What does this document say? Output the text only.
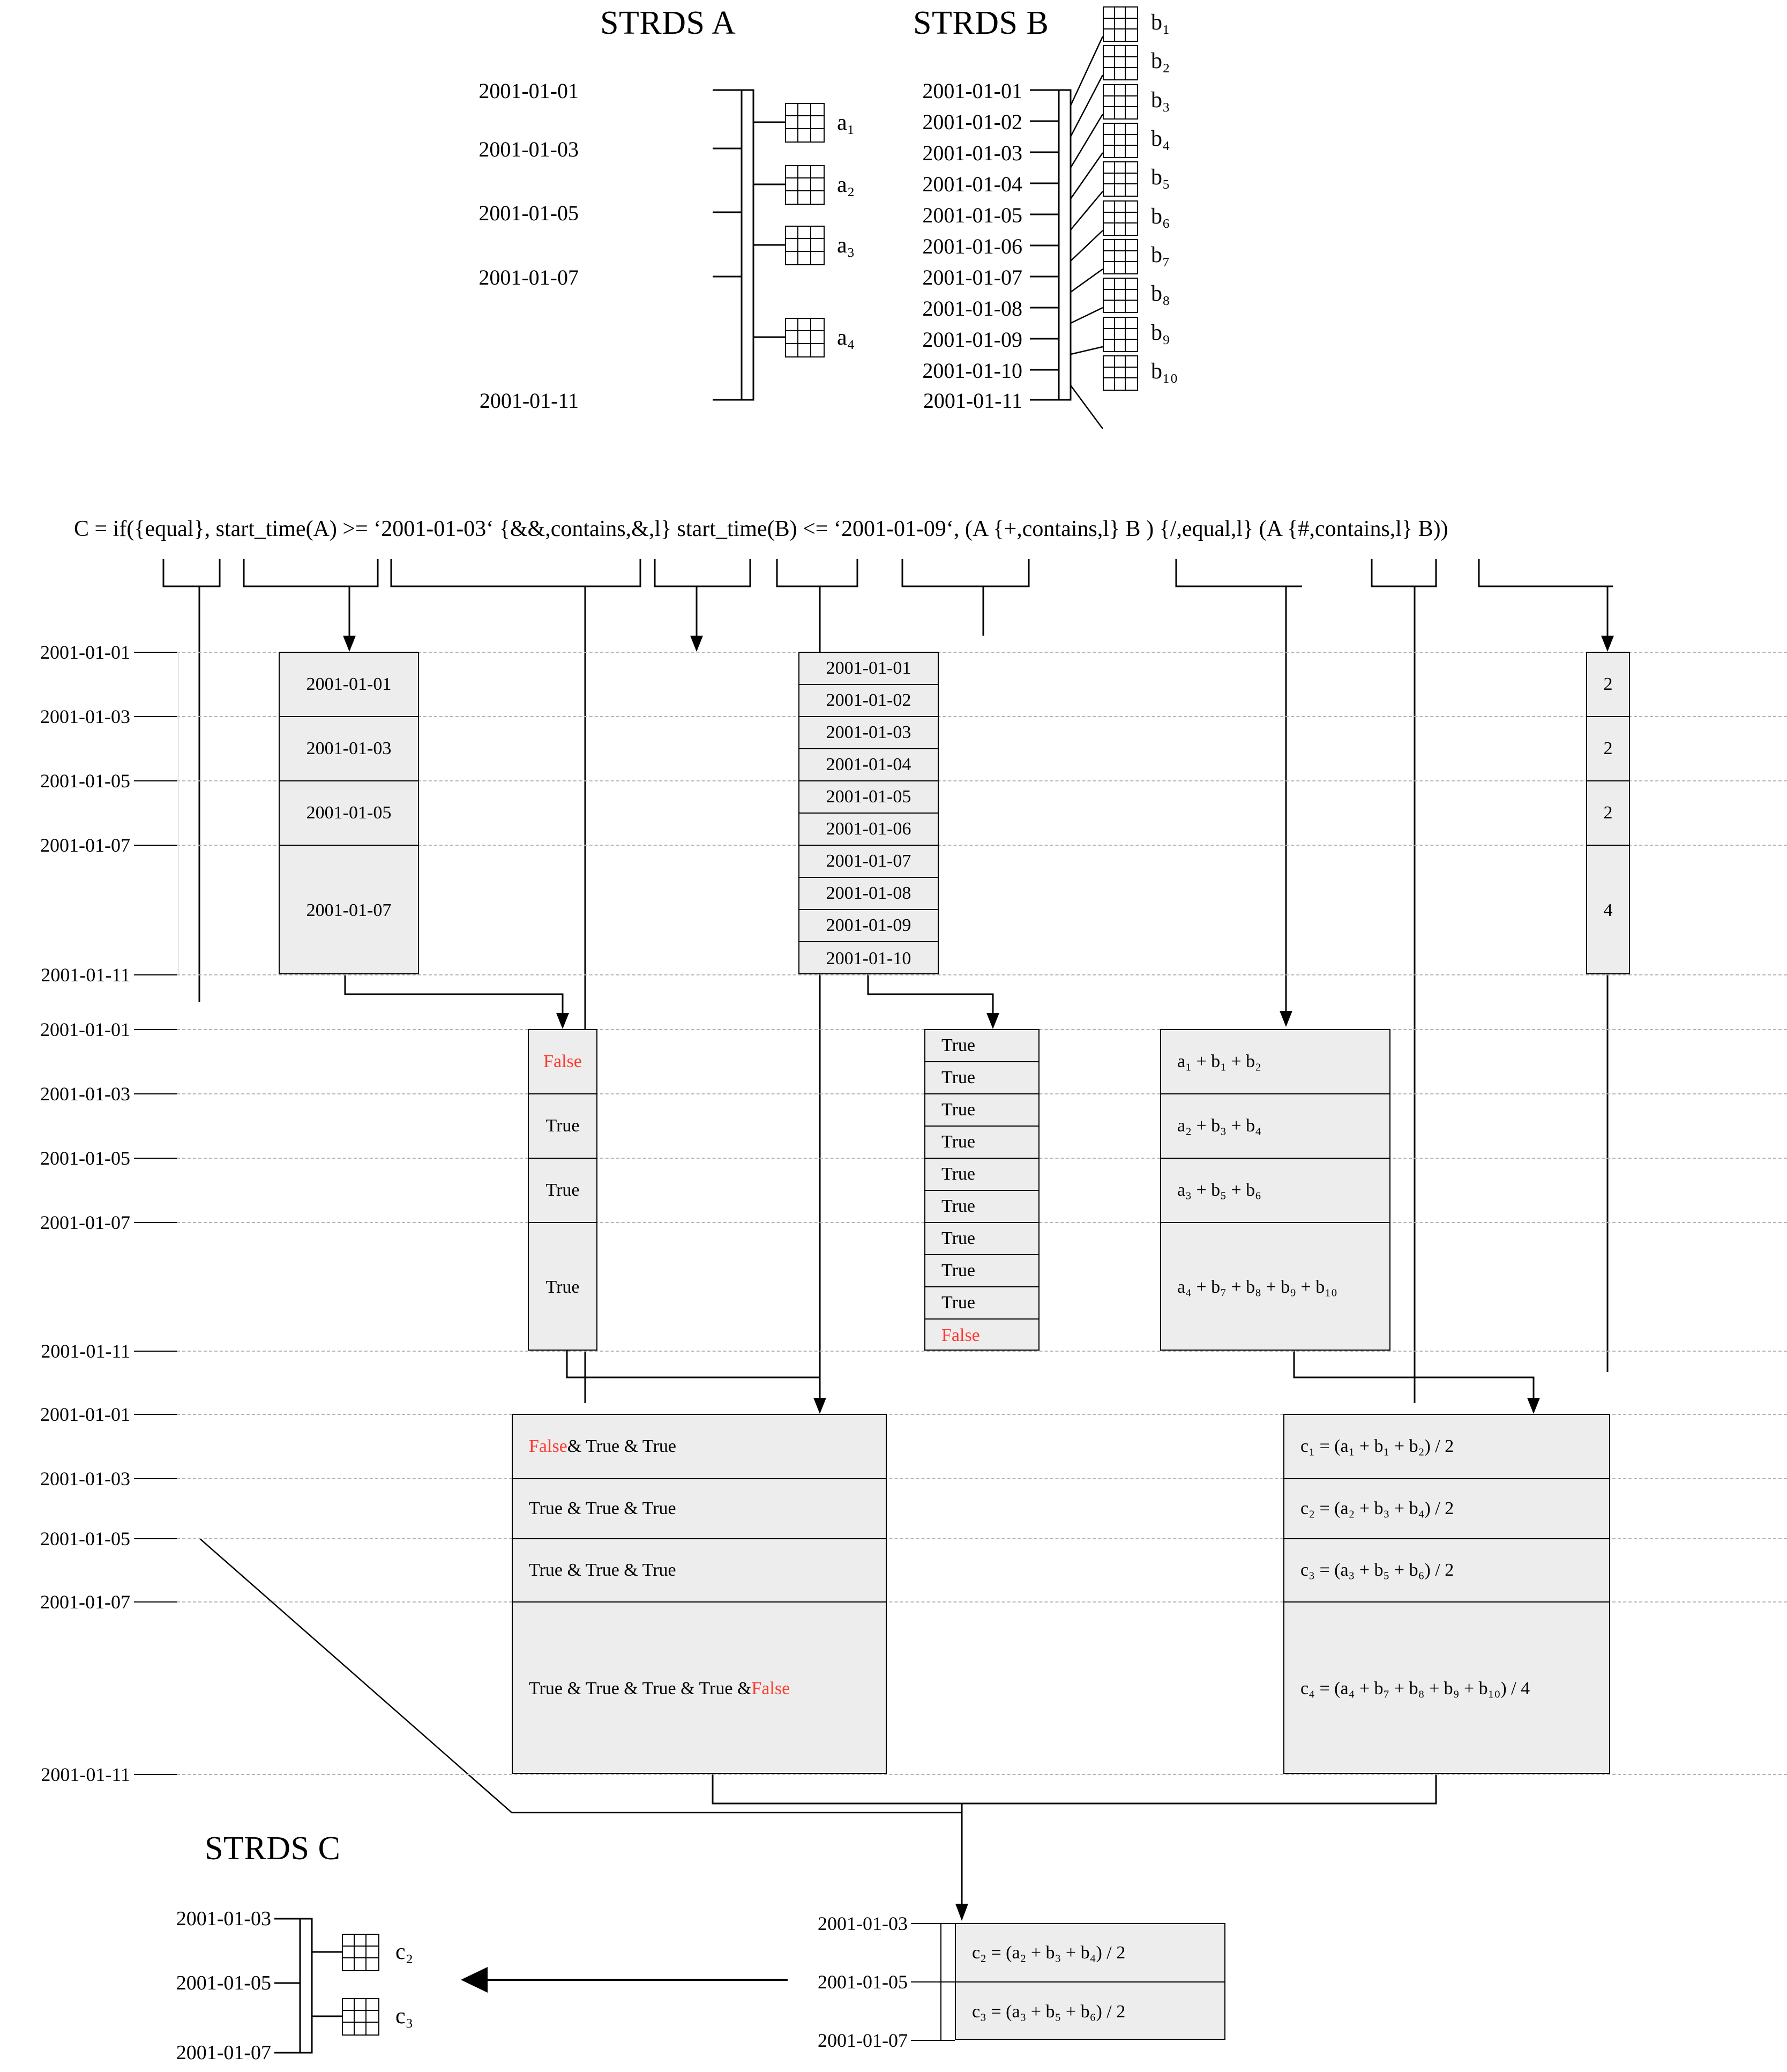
STRDS A
2001-01-01
2001-01-03
2001-01-05
2001-01-07
2001-01-11
a₁
a₂
a₃
a₄
STRDS B
2001-01-01
2001-01-02
2001-01-03
2001-01-04
2001-01-05
2001-01-06
2001-01-07
2001-01-08
2001-01-09
2001-01-10
2001-01-11
b₁
b₂
b₃
b₄
b₅
b₆
b₇
b₈
b₉
b₁₀
C = if({equal}, start_time(A) >= ‘2001-01-03‘ {&&,contains,&,l} start_time(B) <= ‘2001-01-09‘, (A {+,contains,l} B ) {/,equal,l} (A {#,contains,l} B))
2001-01-01
2001-01-03
2001-01-05
2001-01-07
2001-01-11
2001-01-01
2001-01-03
2001-01-05
2001-01-07
2001-01-11
2001-01-01
2001-01-03
2001-01-05
2001-01-07
2001-01-11
2001-01-01
2001-01-03
2001-01-05
2001-01-07
2001-01-01
2001-01-02
2001-01-03
2001-01-04
2001-01-05
2001-01-06
2001-01-07
2001-01-08
2001-01-09
2001-01-10
2
2
2
4
False
True
True
True
True
True
True
True
True
True
True
True
True
False
a₁ + b₁ + b₂
a₂ + b₃ + b₄
a₃ + b₅ + b₆
a₄ + b₇ + b₈ + b₉ + b₁₀
False & True & True
True & True & True
True & True & True
True & True & True & True & False
c₁ = (a₁ + b₁ + b₂) / 2
c₂ = (a₂ + b₃ + b₄) / 2
c₃ = (a₃ + b₅ + b₆) / 2
c₄ = (a₄ + b₇ + b₈ + b₉ + b₁₀) / 4
c₂ = (a₂ + b₃ + b₄) / 2
c₃ = (a₃ + b₅ + b₆) / 2
2001-01-03
2001-01-05
2001-01-07
STRDS C
2001-01-03
2001-01-05
2001-01-07
c₂
c₃
